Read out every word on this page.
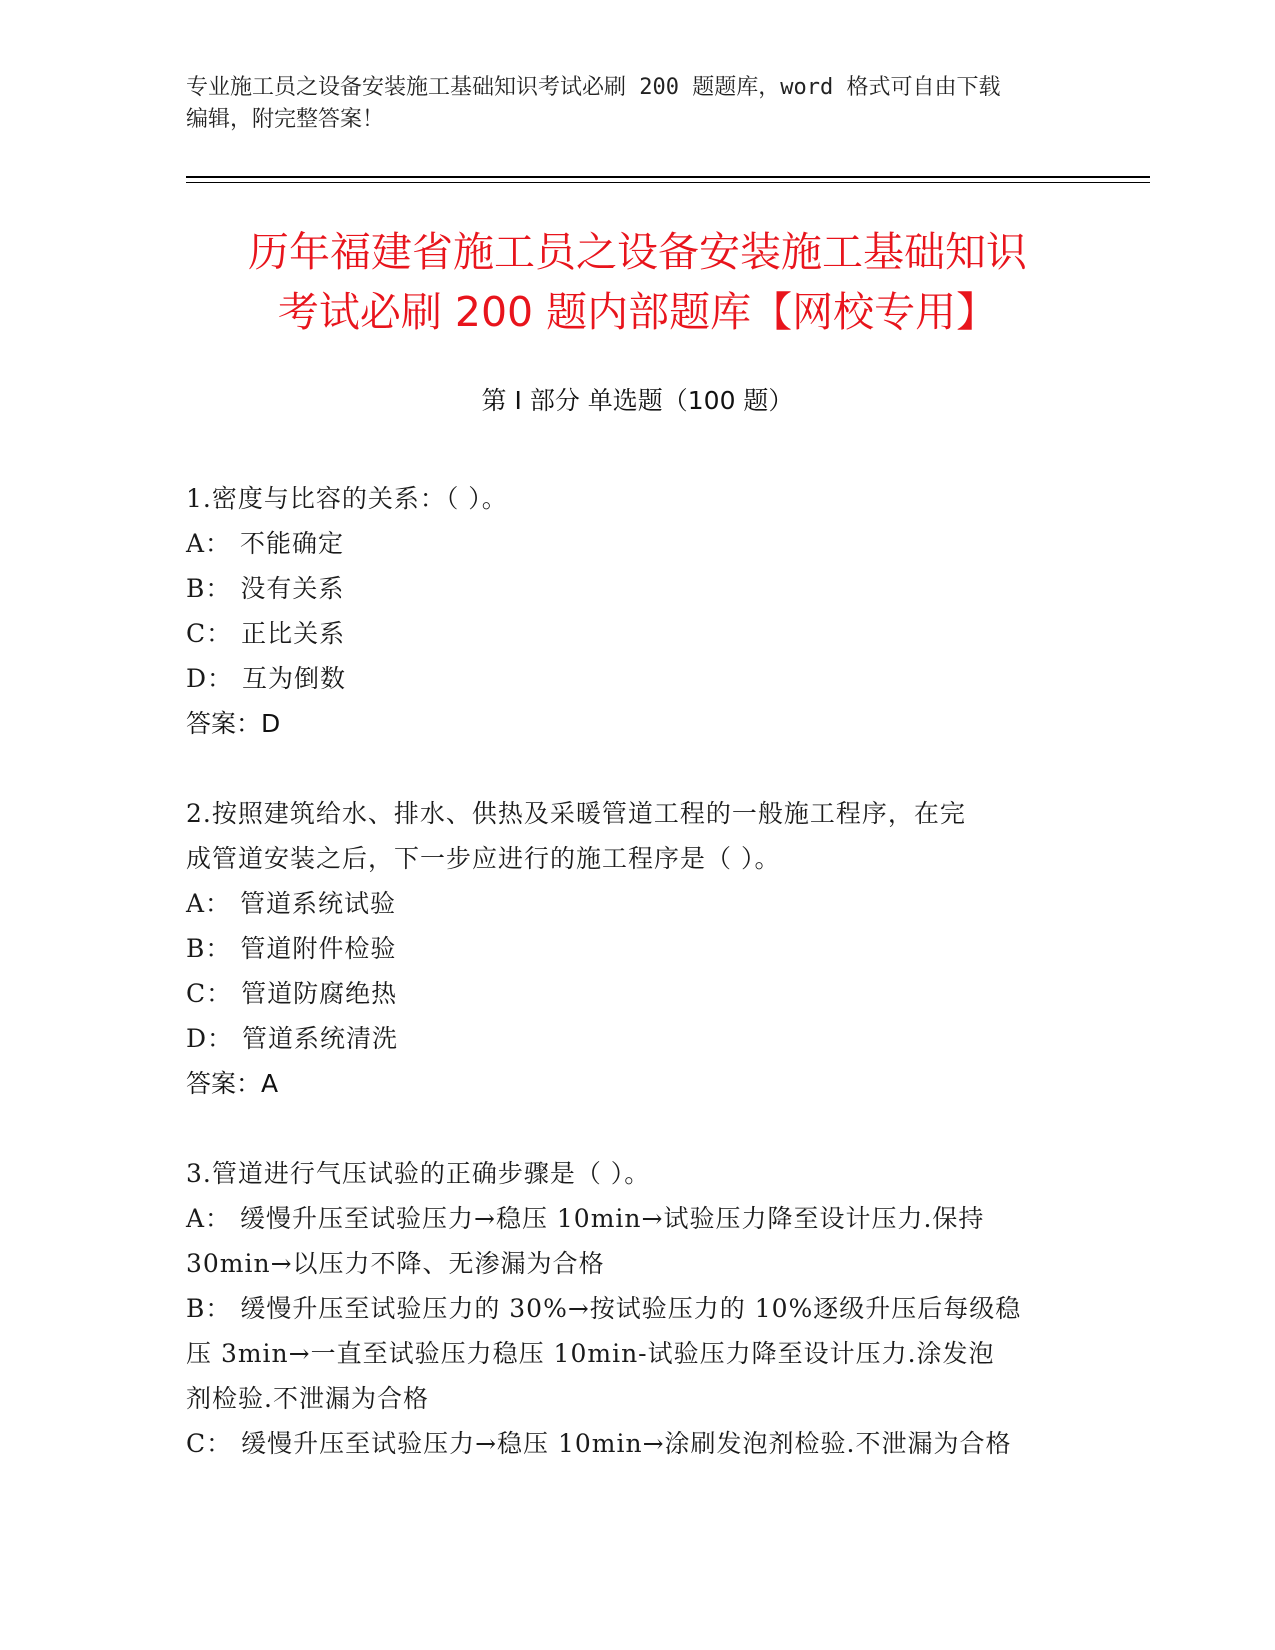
专业施工员之设备安装施工基础知识考试必刷 200 题题库，word 格式可自由下载
编辑，附完整答案！
历年福建省施工员之设备安装施工基础知识
考试必刷 200 题内部题库【网校专用】
第 I 部分 单选题（100 题）
1.密度与比容的关系：（ ）。
A： 不能确定
B： 没有关系
C： 正比关系
D： 互为倒数
答案：D
2.按照建筑给水、排水、供热及采暖管道工程的一般施工程序，在完
成管道安装之后，下一步应进行的施工程序是（ ）。
A： 管道系统试验
B： 管道附件检验
C： 管道防腐绝热
D： 管道系统清洗
答案：A
3.管道进行气压试验的正确步骤是（ ）。
A： 缓慢升压至试验压力→稳压 10min→试验压力降至设计压力.保持
30min→以压力不降、无渗漏为合格
B： 缓慢升压至试验压力的 30%→按试验压力的 10%逐级升压后每级稳
压 3min→一直至试验压力稳压 10min-试验压力降至设计压力.涂发泡
剂检验.不泄漏为合格
C： 缓慢升压至试验压力→稳压 10min→涂刷发泡剂检验.不泄漏为合格
